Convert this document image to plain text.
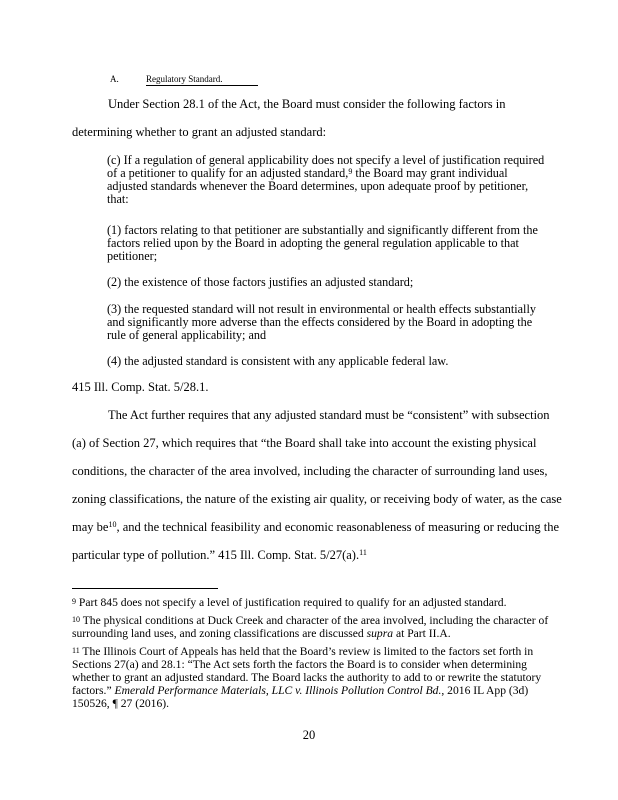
A.	Regulatory Standard.
Under Section 28.1 of the Act, the Board must consider the following factors in
determining whether to grant an adjusted standard:
(c) If a regulation of general applicability does not specify a level of justification required of a petitioner to qualify for an adjusted standard,$^9$ the Board may grant individual adjusted standards whenever the Board determines, upon adequate proof by petitioner, that:
(1) factors relating to that petitioner are substantially and significantly different from the factors relied upon by the Board in adopting the general regulation applicable to that petitioner;
(2) the existence of those factors justifies an adjusted standard;
(3) the requested standard will not result in environmental or health effects substantially and significantly more adverse than the effects considered by the Board in adopting the rule of general applicability; and
(4) the adjusted standard is consistent with any applicable federal law.
415 Ill. Comp. Stat. 5/28.1.
The Act further requires that any adjusted standard must be “consistent” with subsection
(a) of Section 27, which requires that “the Board shall take into account the existing physical
conditions, the character of the area involved, including the character of surrounding land uses,
zoning classifications, the nature of the existing air quality, or receiving body of water, as the case
may $be^{10}$, and the technical feasibility and economic reasonableness of measuring or reducing the
particular type of pollution.” 415 Ill. Comp. Stat. 5/27(a).$^{11}$
$^9$ Part 845 does not specify a level of justification required to qualify for an adjusted standard.
$^{10}$ The physical conditions at Duck Creek and character of the area involved, including the character of surrounding land uses, and zoning classifications are discussed supra at Part II.A.
$^{11}$ The Illinois Court of Appeals has held that the Board’s review is limited to the factors set forth in Sections 27(a) and 28.1: “The Act sets forth the factors the Board is to consider when determining whether to grant an adjusted standard. The Board lacks the authority to add to or rewrite the statutory factors.” Emerald Performance Materials, LLC v. Illinois Pollution Control Bd., 2016 IL App (3d) 150526, ¶ 27 (2016).
20
